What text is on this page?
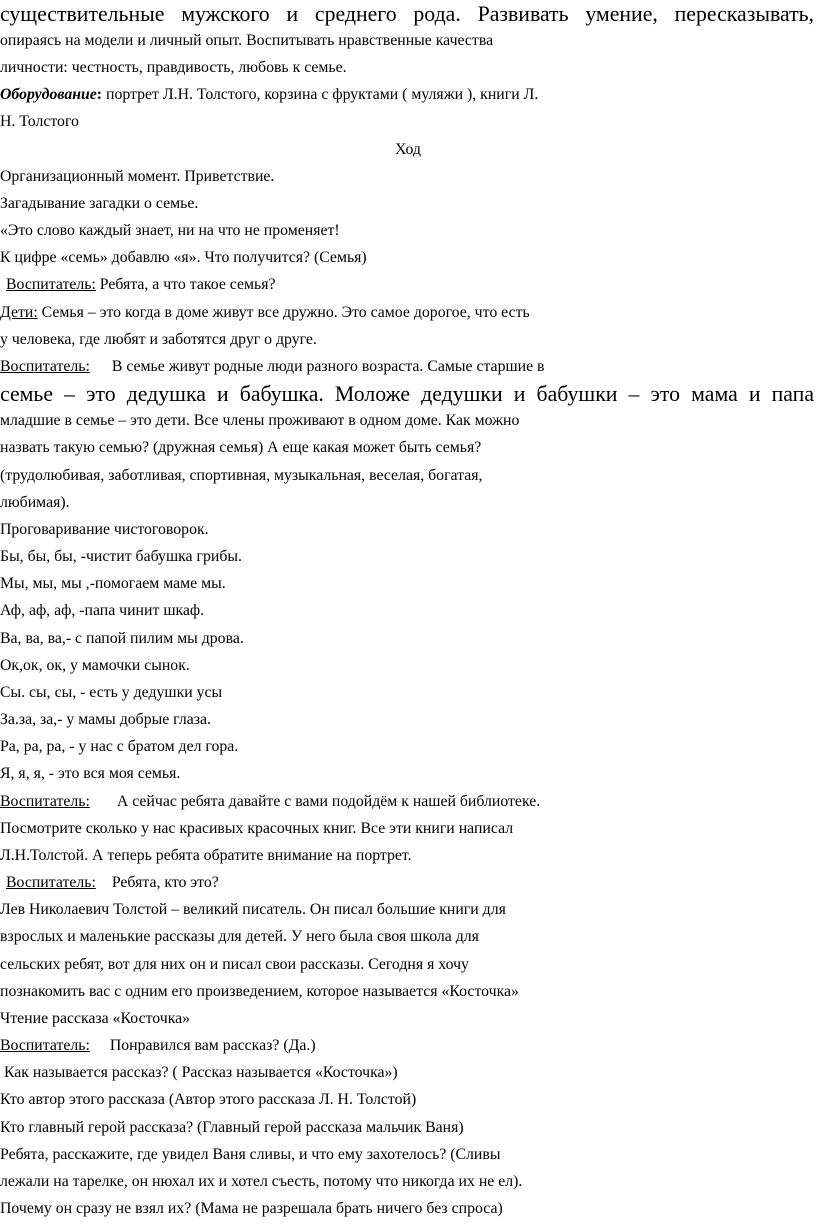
существительные мужского и среднего рода. Развивать умение, пересказывать,
опираясь на модели и личный опыт. Воспитывать нравственные качества
личности: честность, правдивость, любовь к семье.
Оборудование: портрет Л.Н. Толстого, корзина с фруктами ( муляжи ), книги Л.
Н. Толстого
Ход
Организационный момент. Приветствие.
Загадывание загадки о семье.
«Это слово каждый знает, ни на что не променяет!
К цифре «семь» добавлю «я». Что получится? (Семья)
Воспитатель: Ребята, а что такое семья?
Дети: Семья – это когда в доме живут все дружно. Это самое дорогое, что есть
у человека, где любят и заботятся друг о друге.
Воспитатель: В семье живут родные люди разного возраста. Самые старшие в
семье – это дедушка и бабушка. Моложе дедушки и бабушки – это мама и папа
младшие в семье – это дети. Все члены проживают в одном доме. Как можно
назвать такую семью? (дружная семья) А еще какая может быть семья?
(трудолюбивая, заботливая, спортивная, музыкальная, веселая, богатая,
любимая).
Проговаривание чистоговорок.
Бы, бы, бы, -чистит бабушка грибы.
Мы, мы, мы ,-помогаем маме мы.
Аф, аф, аф, -папа чинит шкаф.
Ва, ва, ва,- с папой пилим мы дрова.
Ок,ок, ок, у мамочки сынок.
Сы. сы, сы, - есть у дедушки усы
За.за, за,- у мамы добрые глаза.
Ра, ра, ра, - у нас с братом дел гора.
Я, я, я, - это вся моя семья.
Воспитатель: А сейчас ребята давайте с вами подойдём к нашей библиотеке.
Посмотрите сколько у нас красивых красочных книг. Все эти книги написал
Л.Н.Толстой. А теперь ребята обратите внимание на портрет.
Воспитатель: Ребята, кто это?
Лев Николаевич Толстой – великий писатель. Он писал большие книги для
взрослых и маленькие рассказы для детей. У него была своя школа для
сельских ребят, вот для них он и писал свои рассказы. Сегодня я хочу
познакомить вас с одним его произведением, которое называется «Косточка»
Чтение рассказа «Косточка»
Воспитатель: Понравился вам рассказ? (Да.)
Как называется рассказ? ( Рассказ называется «Косточка»)
Кто автор этого рассказа (Автор этого рассказа Л. Н. Толстой)
Кто главный герой рассказа? (Главный герой рассказа мальчик Ваня)
Ребята, расскажите, где увидел Ваня сливы, и что ему захотелось? (Сливы
лежали на тарелке, он нюхал их и хотел съесть, потому что никогда их не ел).
Почему он сразу не взял их? (Мама не разрешала брать ничего без спроса)
